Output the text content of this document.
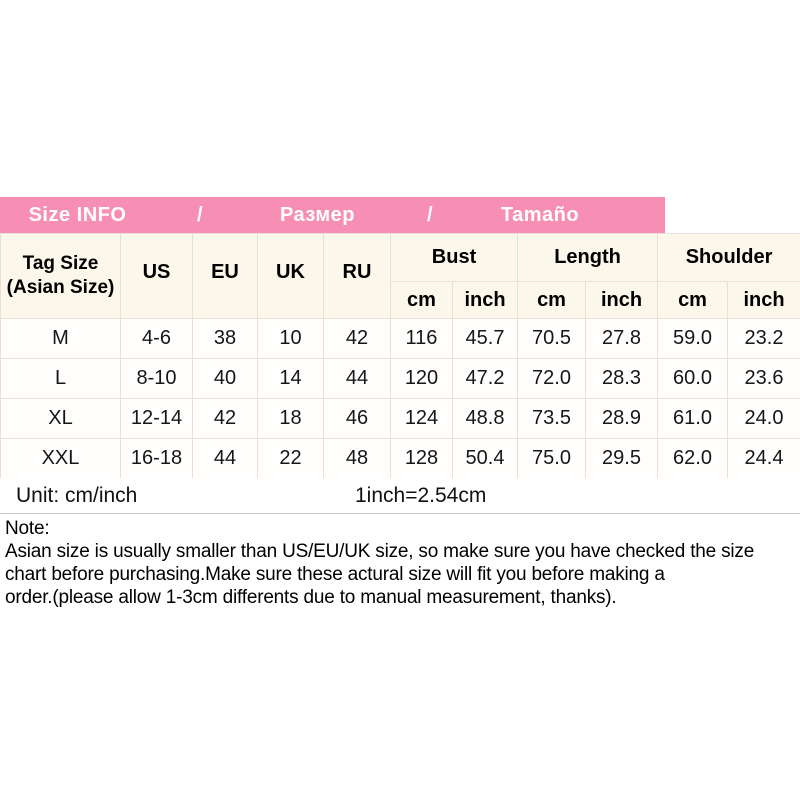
Size INFO	/	Размер	/	Tamaño
Tag Size
(Asian Size)	US	EU	UK	RU	Bust		Length		Shoulder	
					cm	inch	cm	inch	cm	inch
M	4-6	38	10	42	116	45.7	70.5	27.8	59.0	23.2
L	8-10	40	14	44	120	47.2	72.0	28.3	60.0	23.6
XL	12-14	42	18	46	124	48.8	73.5	28.9	61.0	24.0
XXL	16-18	44	22	48	128	50.4	75.0	29.5	62.0	24.4
Unit: cm/inch	1inch=2.54cm
Note:
Asian size is usually smaller than US/EU/UK size, so make sure you have checked the size
chart before purchasing.Make sure these actural size will fit you before making a
order.(please allow 1-3cm differents due to manual measurement, thanks).
